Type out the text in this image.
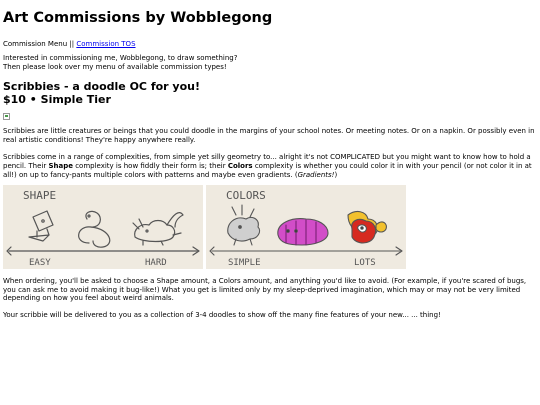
Art Commissions by Wobblegong
Commission Menu || Commission TOS
Interested in commissioning me, Wobblegong, to draw something?
Then please look over my menu of available commission types!
Scribbies - a doodle OC for you!
$10 • Simple Tier

Scribbies are little creatures or beings that you could doodle in the margins of your school notes. Or meeting notes. Or on a napkin. Or possibly even in real artistic conditions! They're happy anywhere really.

Scribbies come in a range of complexities, from simple yet silly geometry to... alright it's not COMPLICATED but you might want to know how to hold a pencil. Their Shape complexity is how fiddly their form is; their Colors complexity is whether you could color it in with your pencil (or not color it in at all!) on up to fancy-pants multiple colors with patterns and maybe even gradients. (Gradients!)

SHAPE
EASY	HARD
COLORS
SIMPLE	LOTS

When ordering, you'll be asked to choose a Shape amount, a Colors amount, and anything you'd like to avoid. (For example, if you're scared of bugs, you can ask me to avoid making it bug-like!) What you get is limited only by my sleep-deprived imagination, which may or may not be very limited depending on how you feel about weird animals.

Your scribbie will be delivered to you as a collection of 3-4 doodles to show off the many fine features of your new... ... thing!
